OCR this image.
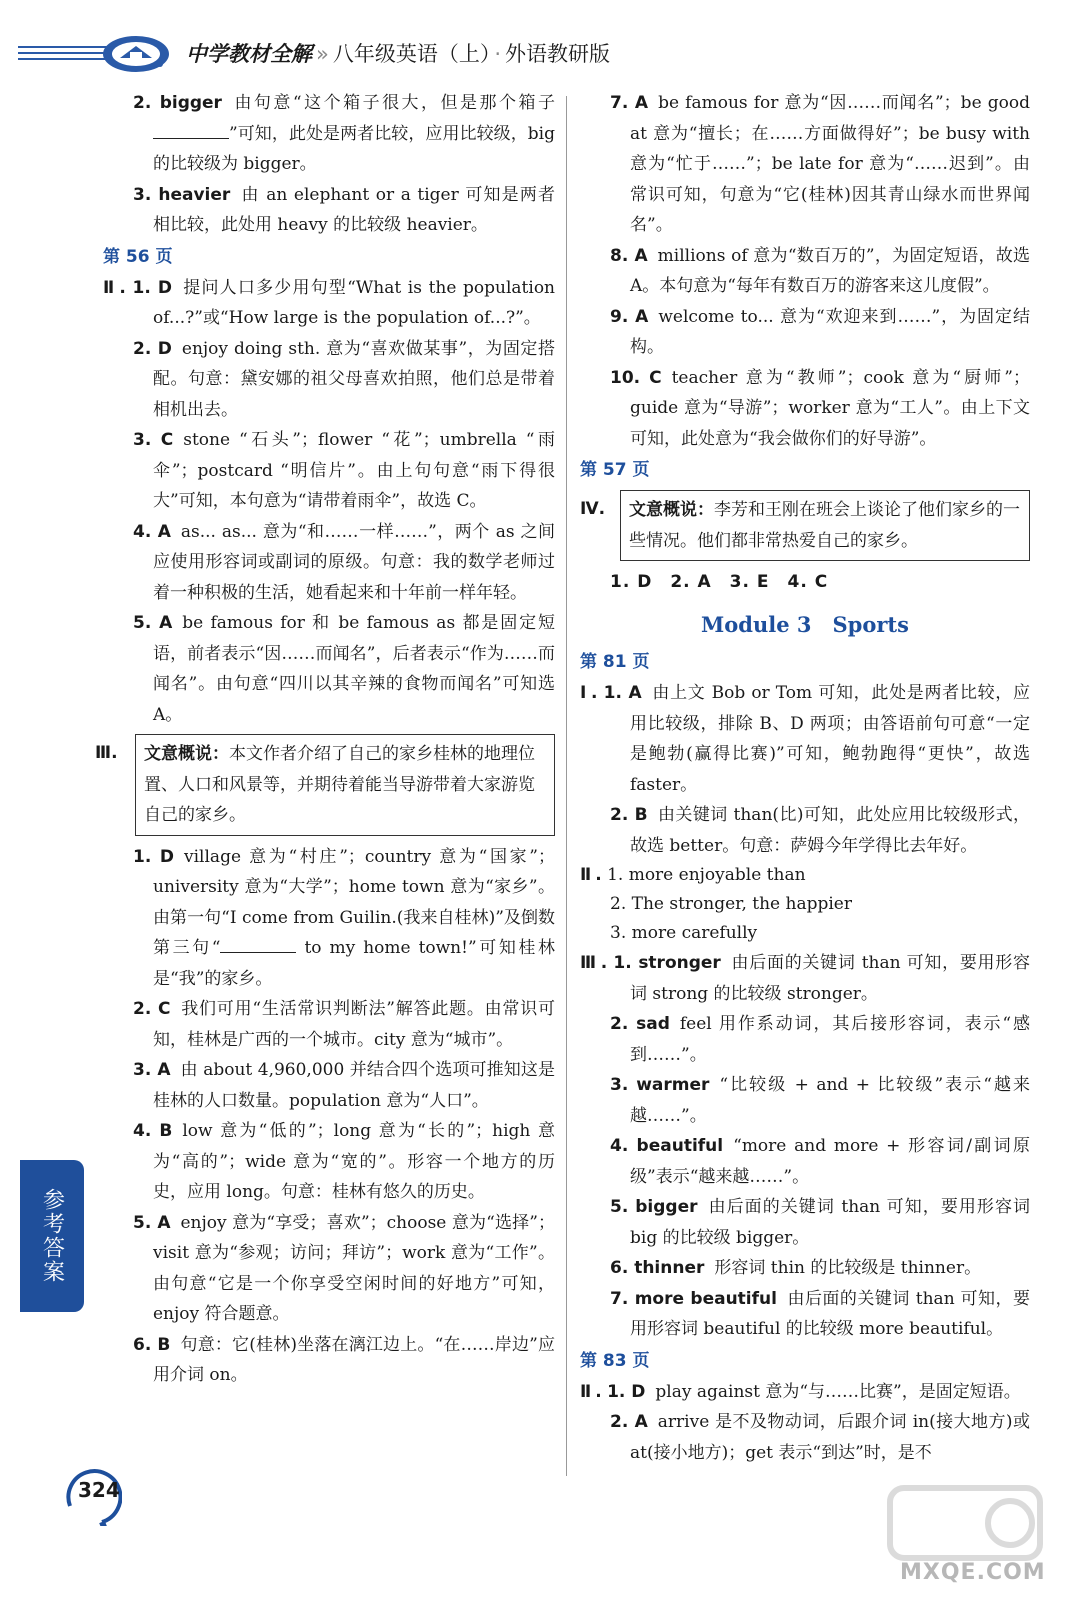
中学教材全解 » 八年级英语（上） · 外语教研版

2. bigger 由句意“这个箱子很大，但是那个箱子”可知，此处是两者比较，应用比较级，big 的比较级为 bigger。

3. heavier 由 an elephant or a tiger 可知是两者相比较，此处用 heavy 的比较级 heavier。

第 56 页

Ⅱ . 1. D 提问人口多少用句型“What is the population of...?”或“How large is the population of...?”。

2. D enjoy doing sth. 意为“喜欢做某事”，为固定搭配。句意：黛安娜的祖父母喜欢拍照，他们总是带着相机出去。

3. C stone “石头”；flower “花”；umbrella “雨伞”；postcard “明信片”。由上句句意“雨下得很大”可知，本句意为“请带着雨伞”，故选 C。

4. A as... as... 意为“和……一样……”，两个 as 之间应使用形容词或副词的原级。句意：我的数学老师过着一种积极的生活，她看起来和十年前一样年轻。

5. A be famous for 和 be famous as 都是固定短语，前者表示“因……而闻名”，后者表示“作为……而闻名”。由句意“四川以其辛辣的食物而闻名”可知选 A。

Ⅲ.	文意概说：本文作者介绍了自己的家乡桂林的地理位置、人口和风景等，并期待着能当导游带着大家游览自己的家乡。

1. D village 意为“村庄”；country 意为“国家”；university 意为“大学”；home town 意为“家乡”。由第一句“I come from Guilin.(我来自桂林)”及倒数第三句“	to my home town!”可知桂林是“我”的家乡。

2. C 我们可用“生活常识判断法”解答此题。由常识可知，桂林是广西的一个城市。city 意为“城市”。

3. A 由 about 4,960,000 并结合四个选项可推知这是桂林的人口数量。population 意为“人口”。

4. B low 意为“低的”；long 意为“长的”；high 意为“高的”；wide 意为“宽的”。形容一个地方的历史，应用 long。句意：桂林有悠久的历史。

5. A enjoy 意为“享受；喜欢”；choose 意为“选择”；visit 意为“参观；访问；拜访”；work 意为“工作”。由句意“它是一个你享受空闲时间的好地方”可知，enjoy 符合题意。

6. B 句意：它(桂林)坐落在漓江边上。“在……岸边”应用介词 on。

7. A be famous for 意为“因……而闻名”；be good at 意为“擅长；在……方面做得好”；be busy with 意为“忙于……”；be late for 意为“……迟到”。由常识可知，句意为“它(桂林)因其青山绿水而世界闻名”。

8. A millions of 意为“数百万的”，为固定短语，故选 A。本句意为“每年有数百万的游客来这儿度假”。

9. A welcome to... 意为“欢迎来到……”，为固定结构。

10. C teacher 意为“教师”；cook 意为“厨师”；guide 意为“导游”；worker 意为“工人”。由上下文可知，此处意为“我会做你们的好导游”。

第 57 页
Ⅳ.	文意概说：李芳和王刚在班会上谈论了他们家乡的一些情况。他们都非常热爱自己的家乡。
1. D　2. A　3. E　4. C
Module 3　Sports
第 81 页

Ⅰ . 1. A 由上文 Bob or Tom 可知，此处是两者比较，应用比较级，排除 B、D 两项；由答语前句可意“一定是鲍勃(赢得比赛)”可知，鲍勃跑得“更快”，故选 faster。

2. B 由关键词 than(比)可知，此处应用比较级形式，故选 better。句意：萨姆今年学得比去年好。

Ⅱ . 1. more enjoyable than

2. The stronger, the happier

3. more carefully

Ⅲ . 1. stronger 由后面的关键词 than 可知，要用形容词 strong 的比较级 stronger。

2. sad feel 用作系动词，其后接形容词，表示“感到……”。

3. warmer “比较级 + and + 比较级”表示“越来越……”。

4. beautiful “more and more + 形容词/副词原级”表示“越来越……”。

5. bigger 由后面的关键词 than 可知，要用形容词 big 的比较级 bigger。

6. thinner 形容词 thin 的比较级是 thinner。

7. more beautiful 由后面的关键词 than 可知，要用形容词 beautiful 的比较级 more beautiful。

第 83 页

Ⅱ . 1. D play against 意为“与……比赛”，是固定短语。

2. A arrive 是不及物动词，后跟介词 in(接大地方)或 at(接小地方)；get 表示“到达”时，是不

参考答案
324
MXQE.COM
